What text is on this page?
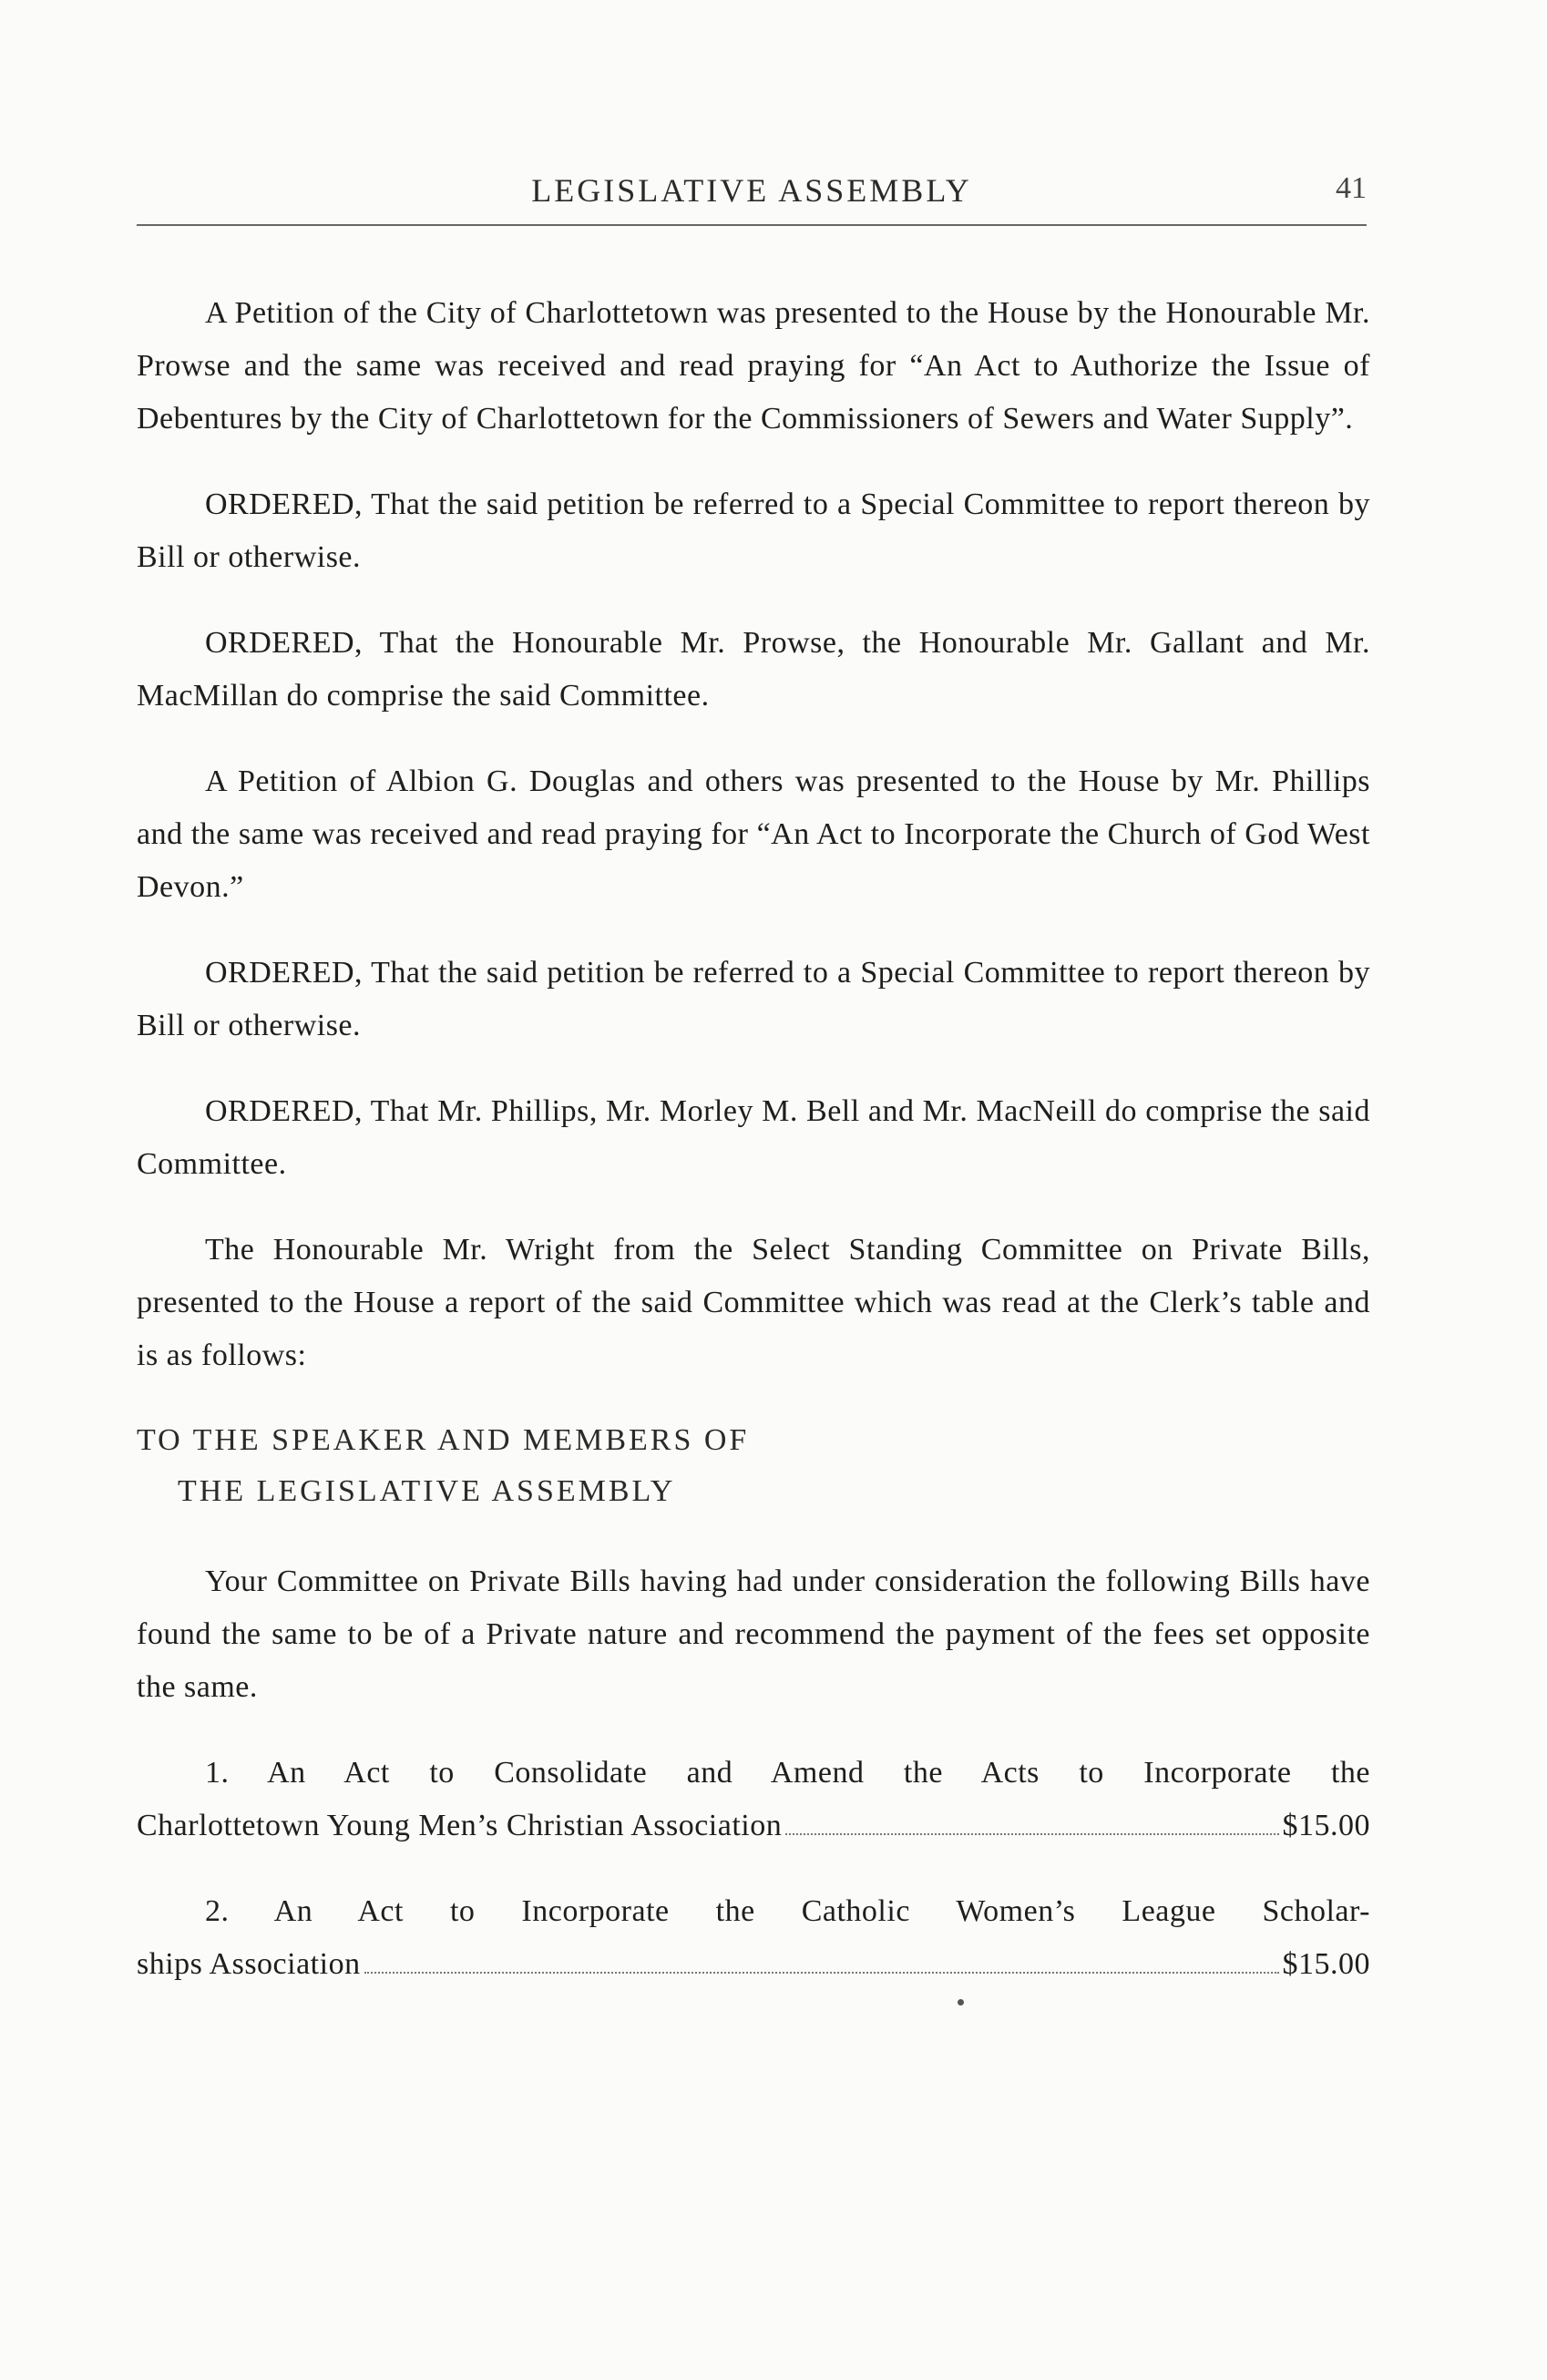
LEGISLATIVE ASSEMBLY	41

A Petition of the City of Charlottetown was presented to the House by the Honourable Mr. Prowse and the same was received and read praying for “An Act to Authorize the Issue of Debentures by the City of Charlottetown for the Commissioners of Sewers and Water Supply”.

ORDERED, That the said petition be referred to a Special Committee to report thereon by Bill or otherwise.

ORDERED, That the Honourable Mr. Prowse, the Honourable Mr. Gallant and Mr. MacMillan do comprise the said Committee.

A Petition of Albion G. Douglas and others was presented to the House by Mr. Phillips and the same was received and read praying for “An Act to Incorporate the Church of God West Devon.”

ORDERED, That the said petition be referred to a Special Committee to report thereon by Bill or otherwise.

ORDERED, That Mr. Phillips, Mr. Morley M. Bell and Mr. MacNeill do comprise the said Committee.

The Honourable Mr. Wright from the Select Standing Committee on Private Bills, presented to the House a report of the said Committee which was read at the Clerk’s table and is as follows:

TO THE SPEAKER AND MEMBERS OF
THE LEGISLATIVE ASSEMBLY

Your Committee on Private Bills having had under consideration the following Bills have found the same to be of a Private nature and recommend the payment of the fees set opposite the same.

1. An Act to Consolidate and Amend the Acts to Incorporate the
Charlottetown Young Men’s Christian Association	$15.00
2. An Act to Incorporate the Catholic Women’s League Scholar-
ships Association	$15.00
